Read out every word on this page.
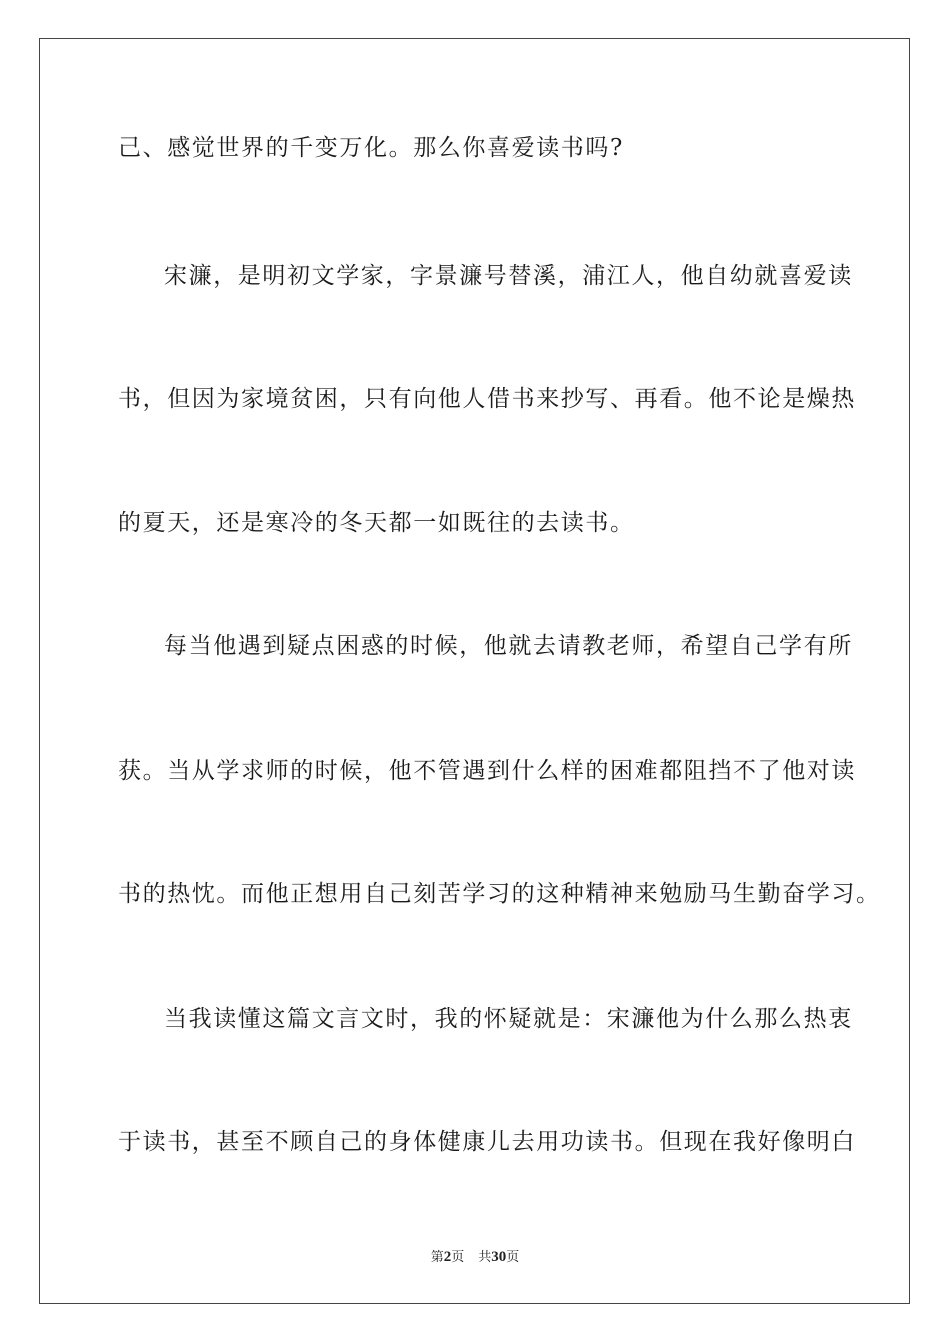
己、感觉世界的千变万化。那么你喜爱读书吗?
宋濂，是明初文学家，字景濂号替溪，浦江人，他自幼就喜爱读
书，但因为家境贫困，只有向他人借书来抄写、再看。他不论是燥热
的夏天，还是寒冷的冬天都一如既往的去读书。
每当他遇到疑点困惑的时候，他就去请教老师，希望自己学有所
获。当从学求师的时候，他不管遇到什么样的困难都阻挡不了他对读
书的热忱。而他正想用自己刻苦学习的这种精神来勉励马生勤奋学习。
当我读懂这篇文言文时，我的怀疑就是：宋濂他为什么那么热衷
于读书，甚至不顾自己的身体健康儿去用功读书。但现在我好像明白
第2页 共30页
